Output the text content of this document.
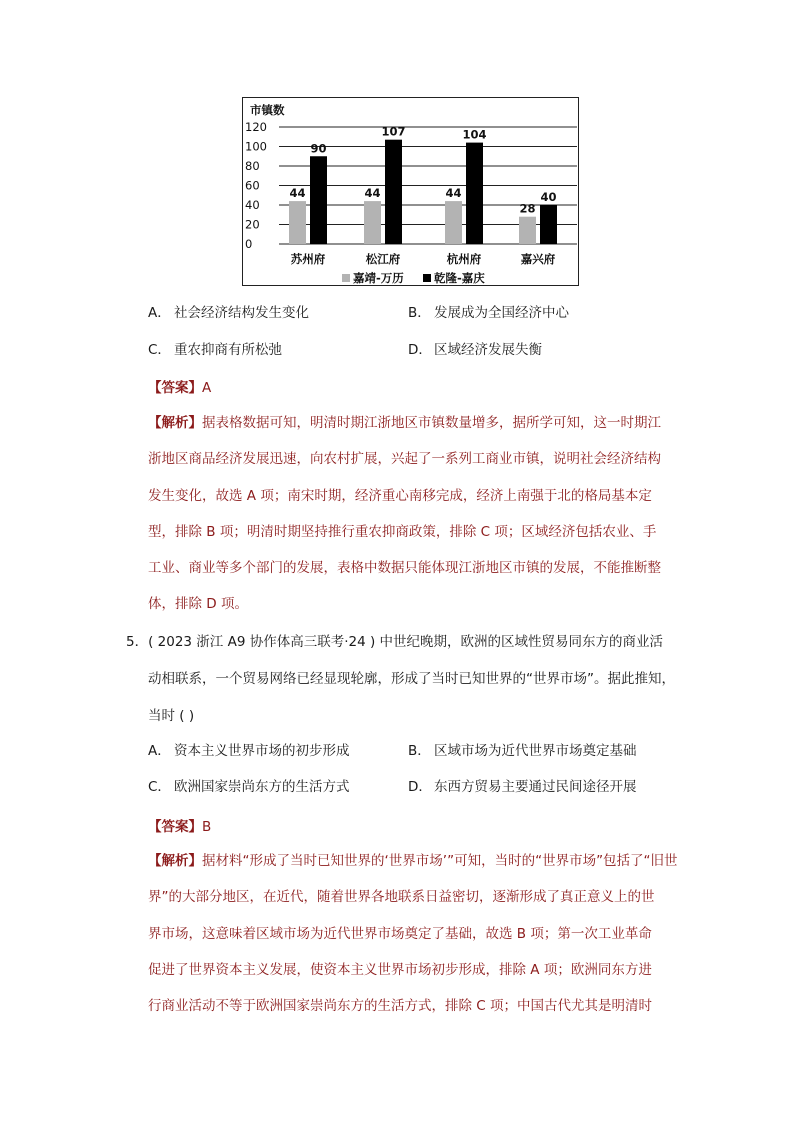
市镇数
120
100
80
60
40
20
0
44
90
苏州府
44
107
松江府
44
104
杭州府
28
40
嘉兴府
嘉靖-万历	乾隆-嘉庆
A． 社会经济结构发生变化	B． 发展成为全国经济中心
C． 重农抑商有所松弛	D． 区域经济发展失衡
【答案】A
【解析】据表格数据可知，明清时期江浙地区市镇数量增多，据所学可知，这一时期江
浙地区商品经济发展迅速，向农村扩展，兴起了一系列工商业市镇，说明社会经济结构
发生变化，故选 A 项；南宋时期，经济重心南移完成，经济上南强于北的格局基本定
型，排除 B 项；明清时期坚持推行重农抑商政策，排除 C 项；区域经济包括农业、手
工业、商业等多个部门的发展，表格中数据只能体现江浙地区市镇的发展，不能推断整
体，排除 D 项。
5．( 2023 浙江 A9 协作体高三联考·24 ) 中世纪晚期，欧洲的区域性贸易同东方的商业活
动相联系，一个贸易网络已经显现轮廓，形成了当时已知世界的“世界市场”。据此推知，
当时 ( )
A． 资本主义世界市场的初步形成	B． 区域市场为近代世界市场奠定基础
C． 欧洲国家崇尚东方的生活方式	D． 东西方贸易主要通过民间途径开展
【答案】B
【解析】据材料“形成了当时已知世界的‘世界市场’”可知，当时的“世界市场”包括了“旧世
界”的大部分地区，在近代，随着世界各地联系日益密切，逐渐形成了真正意义上的世
界市场，这意味着区域市场为近代世界市场奠定了基础，故选 B 项；第一次工业革命
促进了世界资本主义发展，使资本主义世界市场初步形成，排除 A 项；欧洲同东方进
行商业活动不等于欧洲国家崇尚东方的生活方式，排除 C 项；中国古代尤其是明清时
